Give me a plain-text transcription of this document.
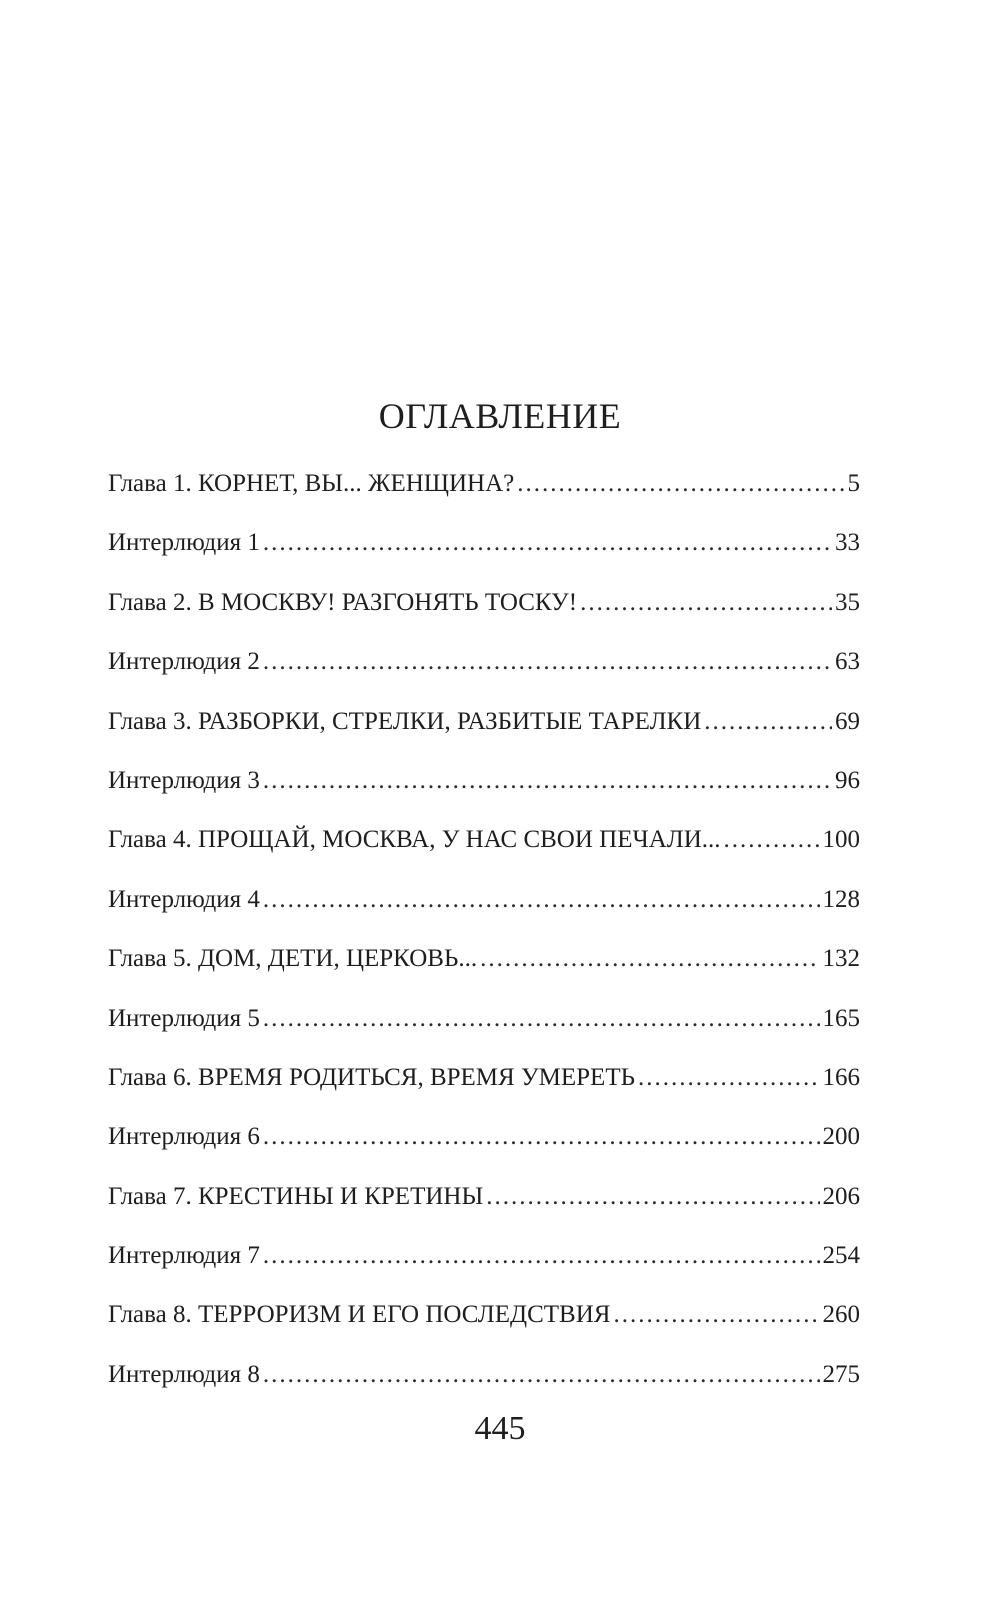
ОГЛАВЛЕНИЕ
Глава 1. КОРНЕТ, ВЫ... ЖЕНЩИНА? .....	5
Интерлюдия 1 .....	33
Глава 2. В МОСКВУ! РАЗГОНЯТЬ ТОСКУ! .....	35
Интерлюдия 2 .....	63
Глава 3. РАЗБОРКИ, СТРЕЛКИ, РАЗБИТЫЕ ТАРЕЛКИ .....	69
Интерлюдия 3 .....	96
Глава 4. ПРОЩАЙ, МОСКВА, У НАС СВОИ ПЕЧАЛИ... .....	100
Интерлюдия 4 .....	128
Глава 5. ДОМ, ДЕТИ, ЦЕРКОВЬ... .....	132
Интерлюдия 5 .....	165
Глава 6. ВРЕМЯ РОДИТЬСЯ, ВРЕМЯ УМЕРЕТЬ .....	166
Интерлюдия 6 .....	200
Глава 7. КРЕСТИНЫ И КРЕТИНЫ .....	206
Интерлюдия 7 .....	254
Глава 8. ТЕРРОРИЗМ И ЕГО ПОСЛЕДСТВИЯ .....	260
Интерлюдия 8 .....	275
445
